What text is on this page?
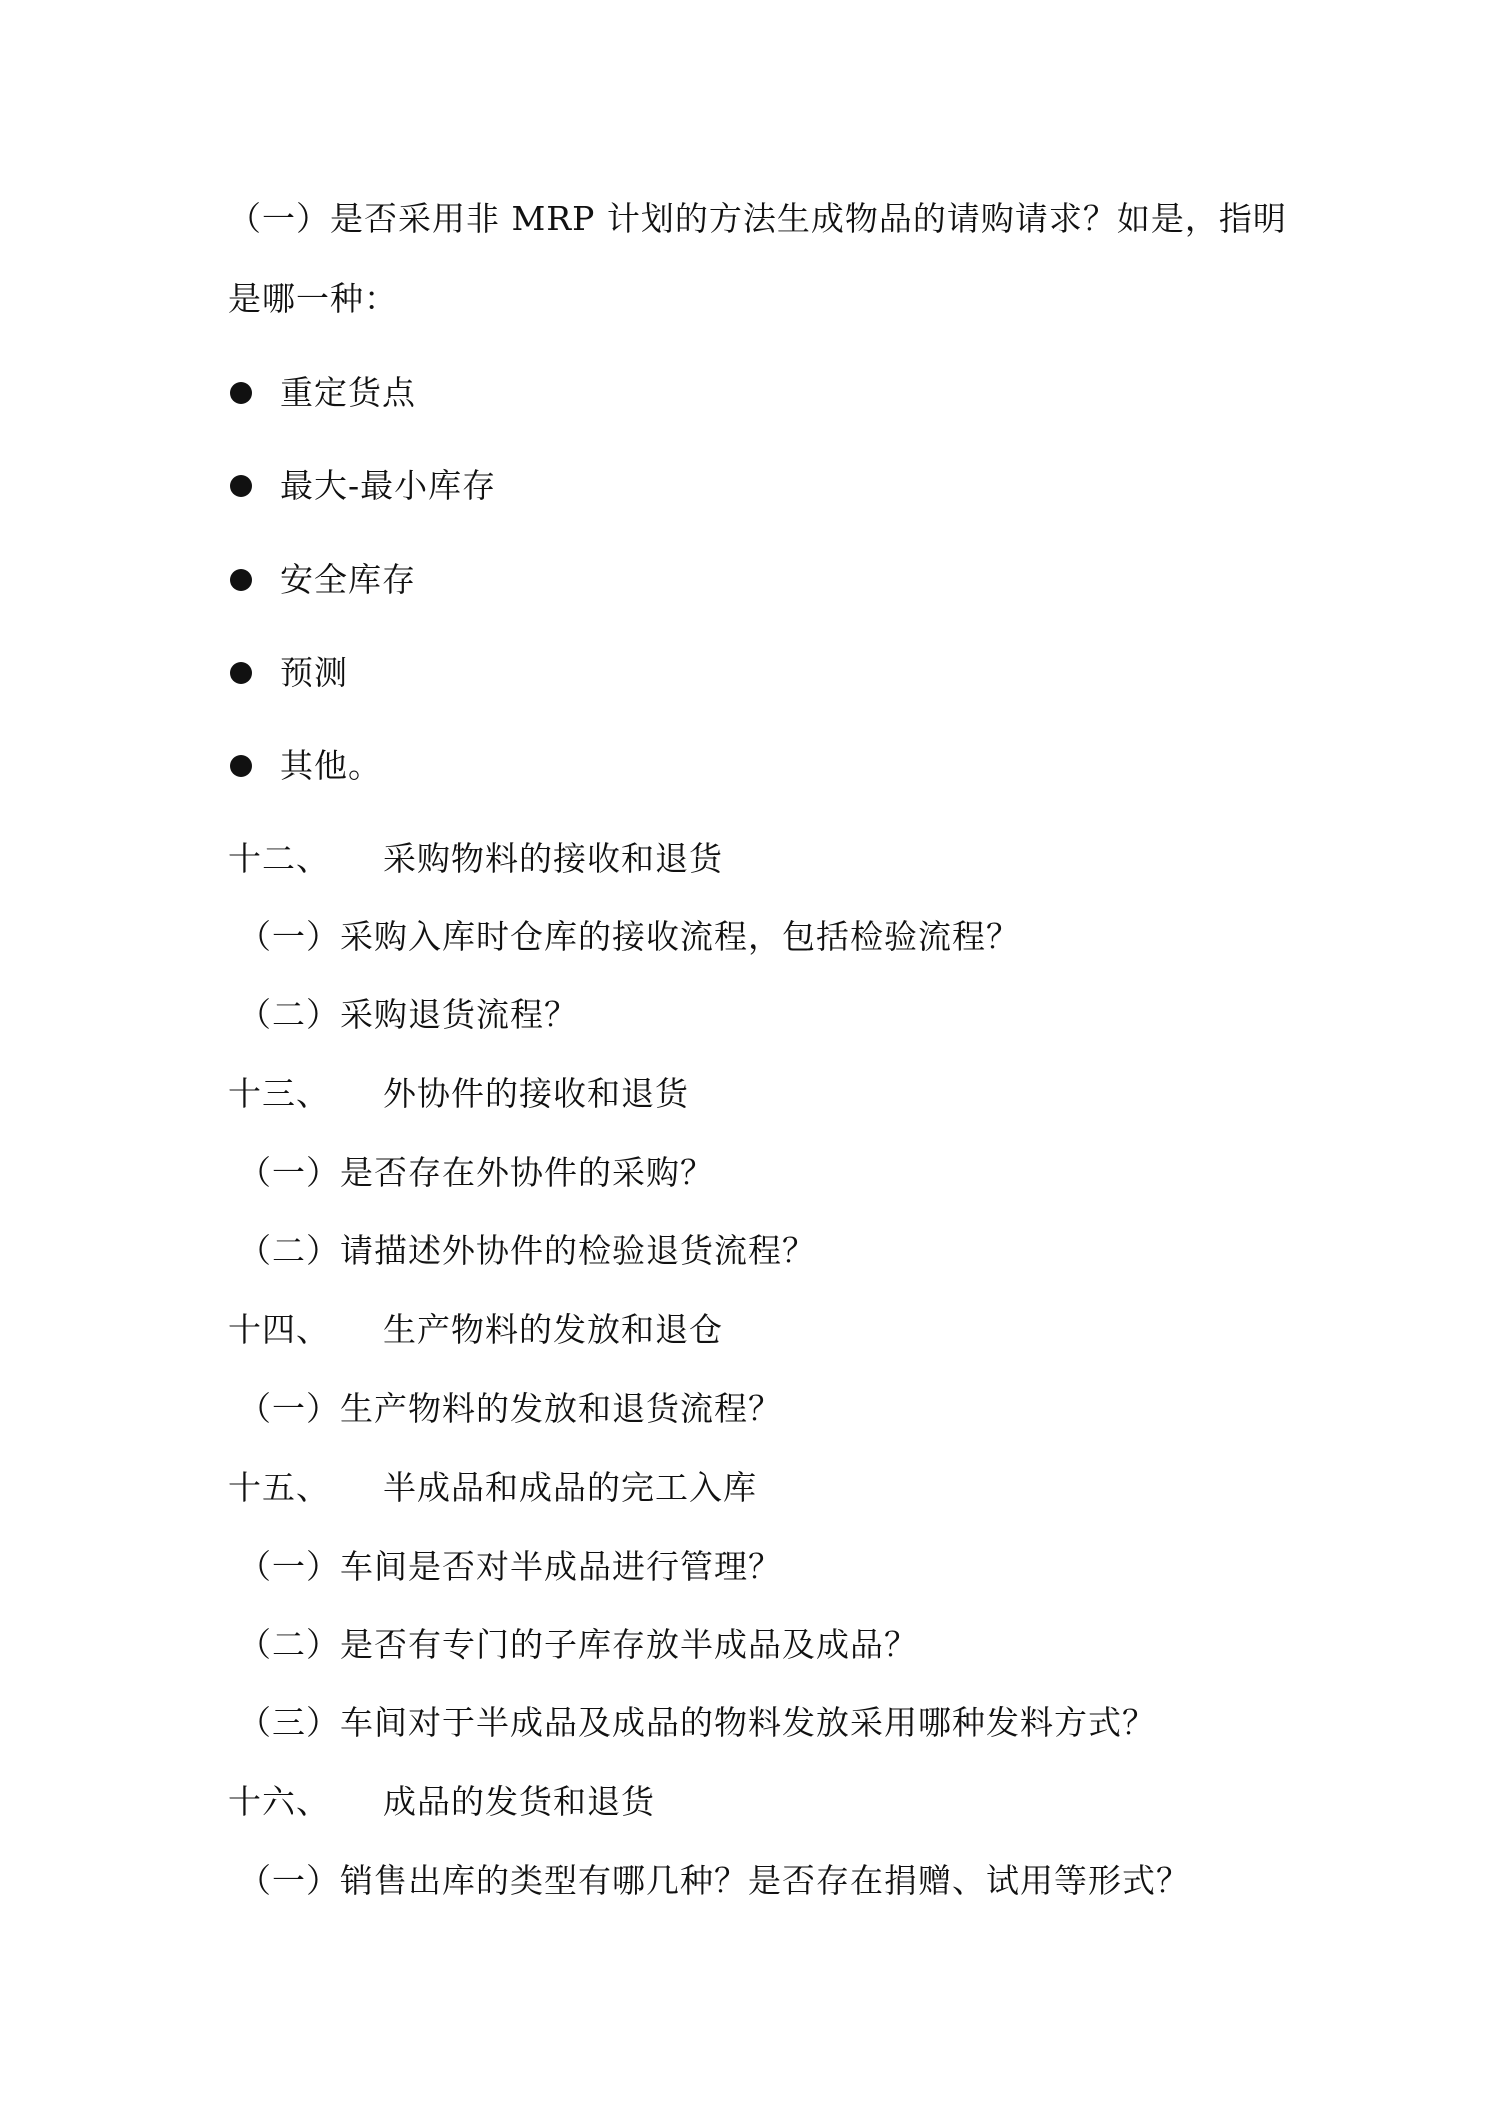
（一）是否采用非 MRP 计划的方法生成物品的请购请求？如是，指明
是哪一种：
重定货点
最大-最小库存
安全库存
预测
其他。
十二、 采购物料的接收和退货
（一）采购入库时仓库的接收流程，包括检验流程？
（二）采购退货流程？
十三、 外协件的接收和退货
（一）是否存在外协件的采购？
（二）请描述外协件的检验退货流程？
十四、 生产物料的发放和退仓
（一）生产物料的发放和退货流程？
十五、 半成品和成品的完工入库
（一）车间是否对半成品进行管理？
（二）是否有专门的子库存放半成品及成品？
（三）车间对于半成品及成品的物料发放采用哪种发料方式？
十六、 成品的发货和退货
（一）销售出库的类型有哪几种？是否存在捐赠、试用等形式？
